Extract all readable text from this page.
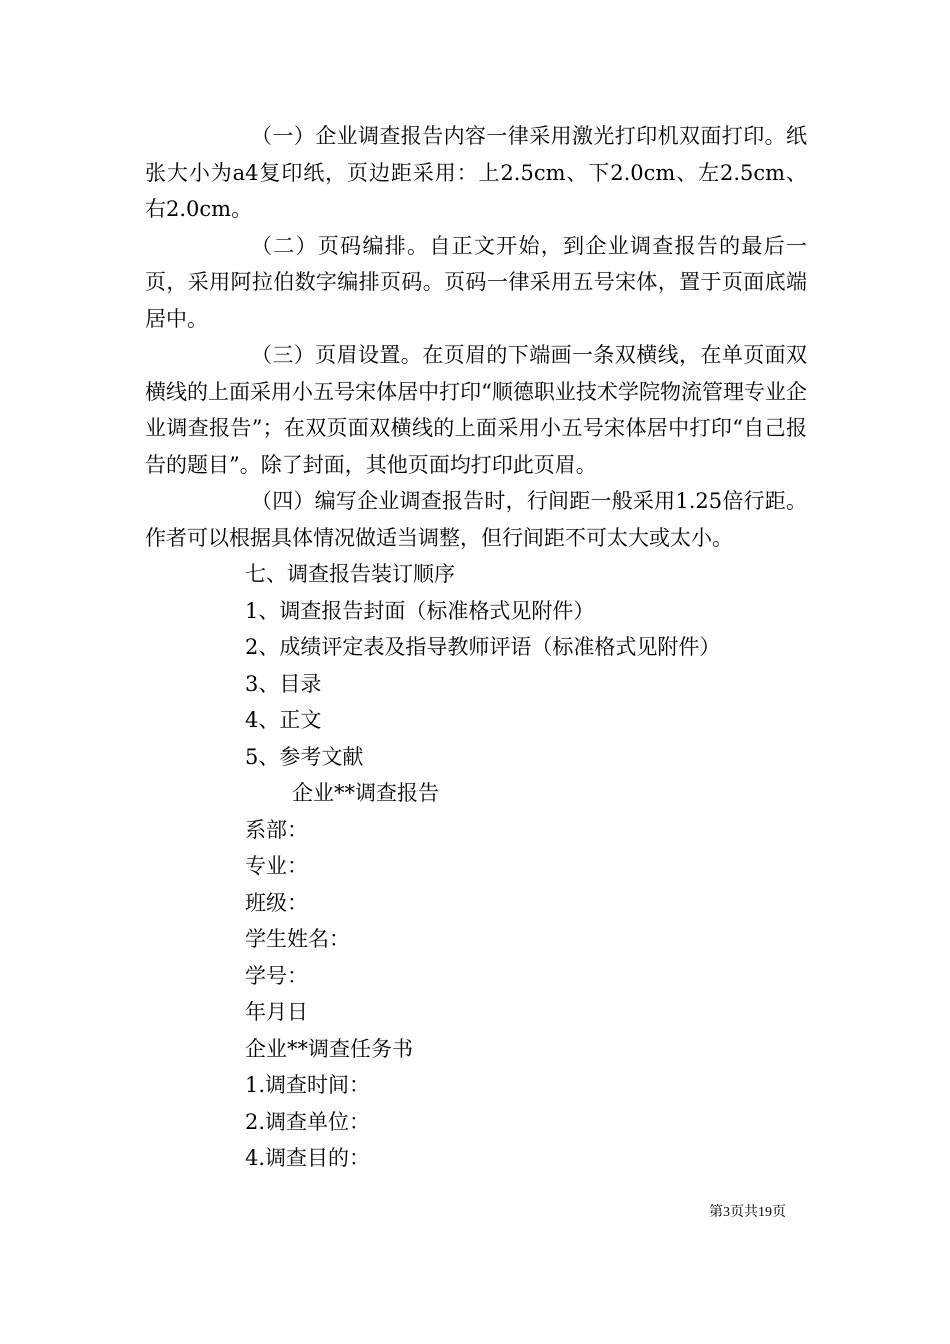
（一）企业调查报告内容一律采用激光打印机双面打印。纸张大小为a4复印纸，页边距采用：上2.5cm、下2.0cm、左2.5cm、右2.0cm。

（二）页码编排。自正文开始，到企业调查报告的最后一页，采用阿拉伯数字编排页码。页码一律采用五号宋体，置于页面底端居中。

（三）页眉设置。在页眉的下端画一条双横线，在单页面双横线的上面采用小五号宋体居中打印“顺德职业技术学院物流管理专业企业调查报告”；在双页面双横线的上面采用小五号宋体居中打印“自己报告的题目”。除了封面，其他页面均打印此页眉。

（四）编写企业调查报告时，行间距一般采用1.25倍行距。作者可以根据具体情况做适当调整，但行间距不可太大或太小。

七、调查报告装订顺序

1、调查报告封面（标准格式见附件）

2、成绩评定表及指导教师评语（标准格式见附件）

3、目录

4、正文

5、参考文献

企业**调查报告

系部：

专业：

班级：

学生姓名：

学号：

年月日

企业**调查任务书

1.调查时间：

2.调查单位：

4.调查目的：

第3页共19页
